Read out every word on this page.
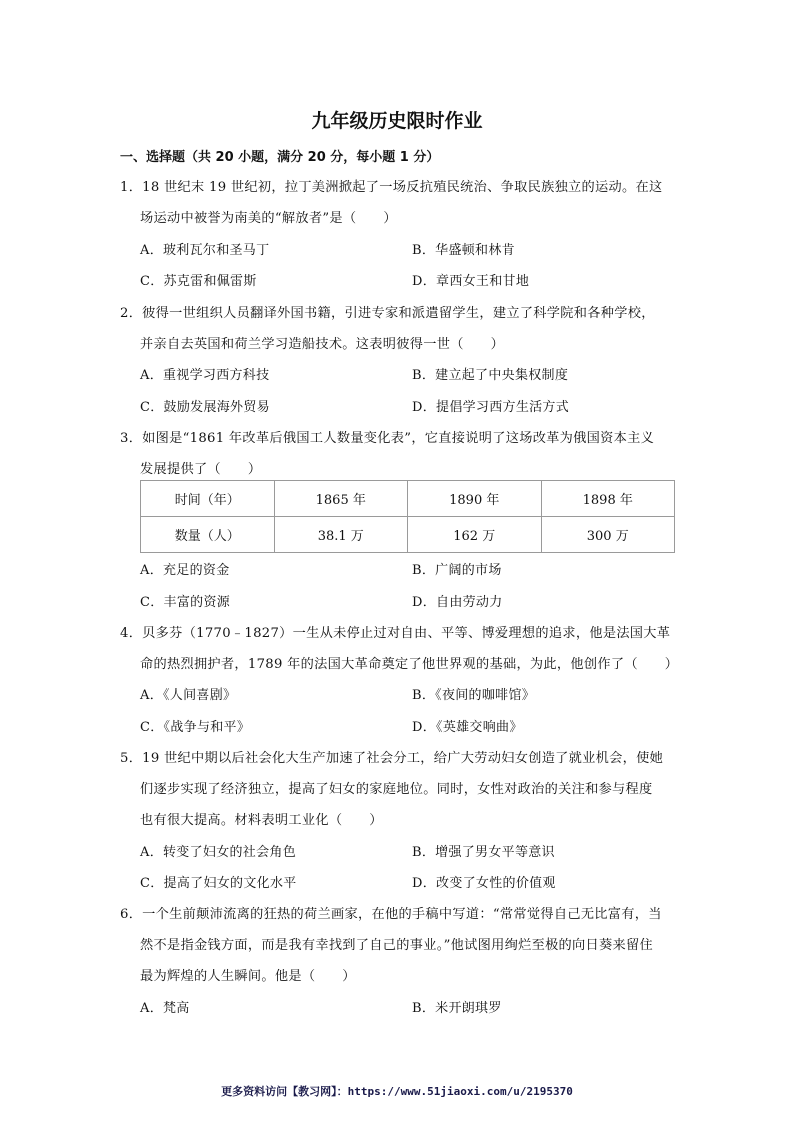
九年级历史限时作业
一、选择题（共 20 小题，满分 20 分，每小题 1 分）
1．18 世纪末 19 世纪初，拉丁美洲掀起了一场反抗殖民统治、争取民族独立的运动。在这
场运动中被誉为南美的“解放者”是（　　）
A．玻利瓦尔和圣马丁	B．华盛顿和林肯
C．苏克雷和佩雷斯	D．章西女王和甘地
2．彼得一世组织人员翻译外国书籍，引进专家和派遣留学生，建立了科学院和各种学校，
并亲自去英国和荷兰学习造船技术。这表明彼得一世（　　）
A．重视学习西方科技	B．建立起了中央集权制度
C．鼓励发展海外贸易	D．提倡学习西方生活方式
3．如图是“1861 年改革后俄国工人数量变化表”，它直接说明了这场改革为俄国资本主义
发展提供了（　　）
时间（年）	1865 年	1890 年	1898 年
数量（人）	38.1 万	162 万	300 万
A．充足的资金	B．广阔的市场
C．丰富的资源	D．自由劳动力
4．贝多芬（1770﹣1827）一生从未停止过对自由、平等、博爱理想的追求，他是法国大革
命的热烈拥护者，1789 年的法国大革命奠定了他世界观的基础，为此，他创作了（　　）
A．《人间喜剧》	B．《夜间的咖啡馆》
C．《战争与和平》	D．《英雄交响曲》
5．19 世纪中期以后社会化大生产加速了社会分工，给广大劳动妇女创造了就业机会，使她
们逐步实现了经济独立，提高了妇女的家庭地位。同时，女性对政治的关注和参与程度
也有很大提高。材料表明工业化（　　）
A．转变了妇女的社会角色	B．增强了男女平等意识
C．提高了妇女的文化水平	D．改变了女性的价值观
6．一个生前颠沛流离的狂热的荷兰画家，在他的手稿中写道：“常常觉得自己无比富有，当
然不是指金钱方面，而是我有幸找到了自己的事业。”他试图用绚烂至极的向日葵来留住
最为辉煌的人生瞬间。他是（　　）
A．梵高	B．米开朗琪罗
更多资料访问【教习网】：https://www.51jiaoxi.com/u/2195370
